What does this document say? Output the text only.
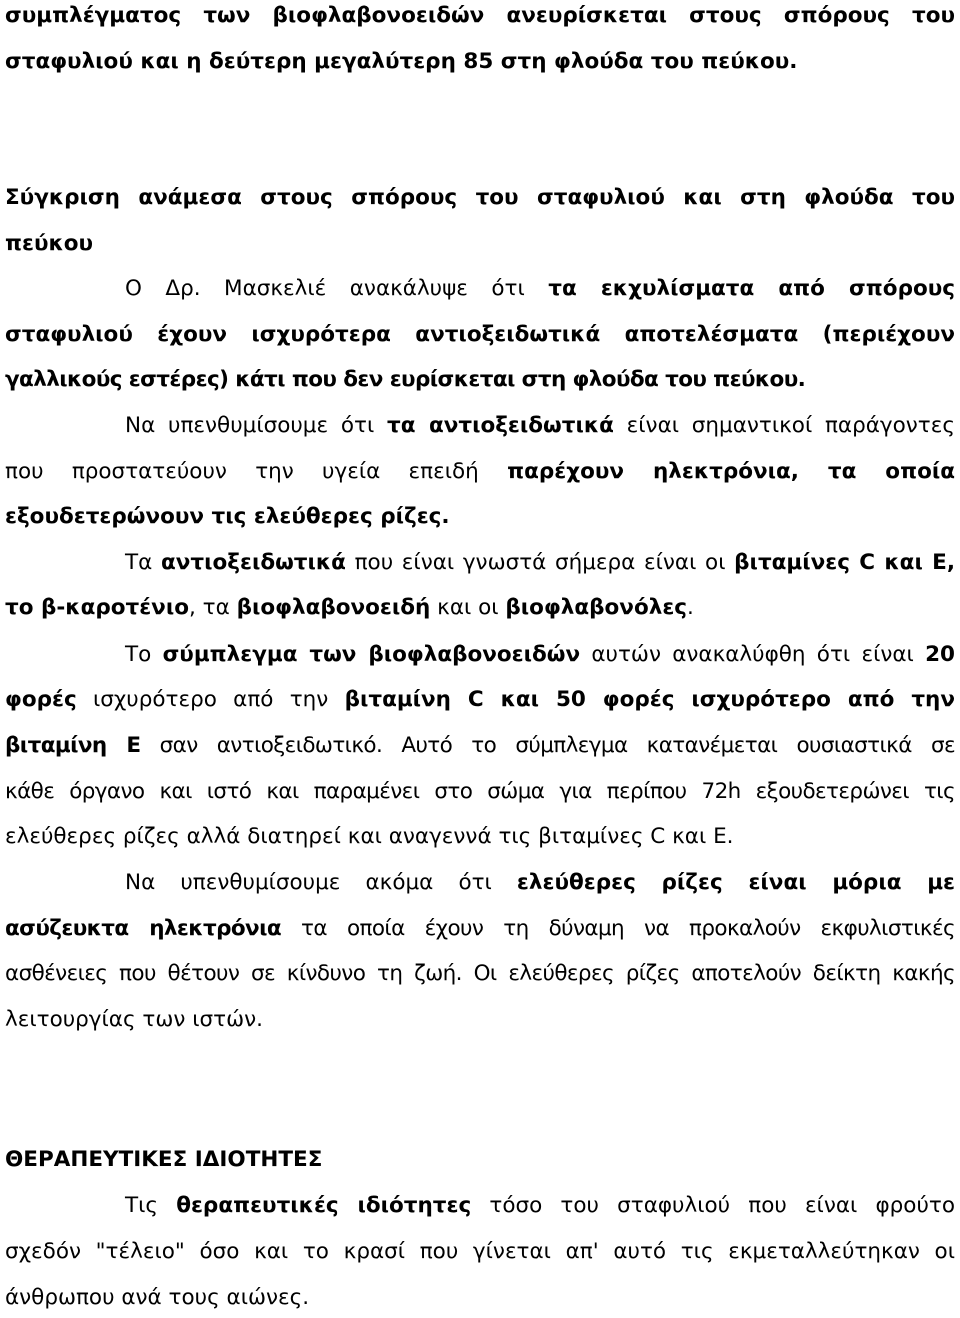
συμπλέγματος των βιοφλαβονοειδών ανευρίσκεται στους σπόρους του
σταφυλιού και η δεύτερη μεγαλύτερη 85 στη φλούδα του πεύκου.
Σύγκριση ανάμεσα στους σπόρους του σταφυλιού και στη φλούδα του
πεύκου
Ο Δρ. Μασκελιέ ανακάλυψε ότι τα εκχυλίσματα από σπόρους
σταφυλιού έχουν ισχυρότερα αντιοξειδωτικά αποτελέσματα (περιέχουν
γαλλικούς εστέρες) κάτι που δεν ευρίσκεται στη φλούδα του πεύκου.
Να υπενθυμίσουμε ότι τα αντιοξειδωτικά είναι σημαντικοί παράγοντες
που προστατεύουν την υγεία επειδή παρέχουν ηλεκτρόνια, τα οποία
εξουδετερώνουν τις ελεύθερες ρίζες.
Τα αντιοξειδωτικά που είναι γνωστά σήμερα είναι οι βιταμίνες C και E,
το β-καροτένιο, τα βιοφλαβονοειδή και οι βιοφλαβονόλες.
Το σύμπλεγμα των βιοφλαβονοειδών αυτών ανακαλύφθη ότι είναι 20
φορές ισχυρότερο από την βιταμίνη C και 50 φορές ισχυρότερο από την
βιταμίνη E σαν αντιοξειδωτικό. Αυτό το σύμπλεγμα κατανέμεται ουσιαστικά σε
κάθε όργανο και ιστό και παραμένει στο σώμα για περίπου 72h εξουδετερώνει τις
ελεύθερες ρίζες αλλά διατηρεί και αναγεννά τις βιταμίνες C και E.
Να υπενθυμίσουμε ακόμα ότι ελεύθερες ρίζες είναι μόρια με
ασύζευκτα ηλεκτρόνια τα οποία έχουν τη δύναμη να προκαλούν εκφυλιστικές
ασθένειες που θέτουν σε κίνδυνο τη ζωή. Οι ελεύθερες ρίζες αποτελούν δείκτη κακής
λειτουργίας των ιστών.
ΘΕΡΑΠΕΥΤΙΚΕΣ ΙΔΙΟΤΗΤΕΣ
Τις θεραπευτικές ιδιότητες τόσο του σταφυλιού που είναι φρούτο
σχεδόν "τέλειο" όσο και το κρασί που γίνεται απ' αυτό τις εκμεταλλεύτηκαν οι
άνθρωπου ανά τους αιώνες.
